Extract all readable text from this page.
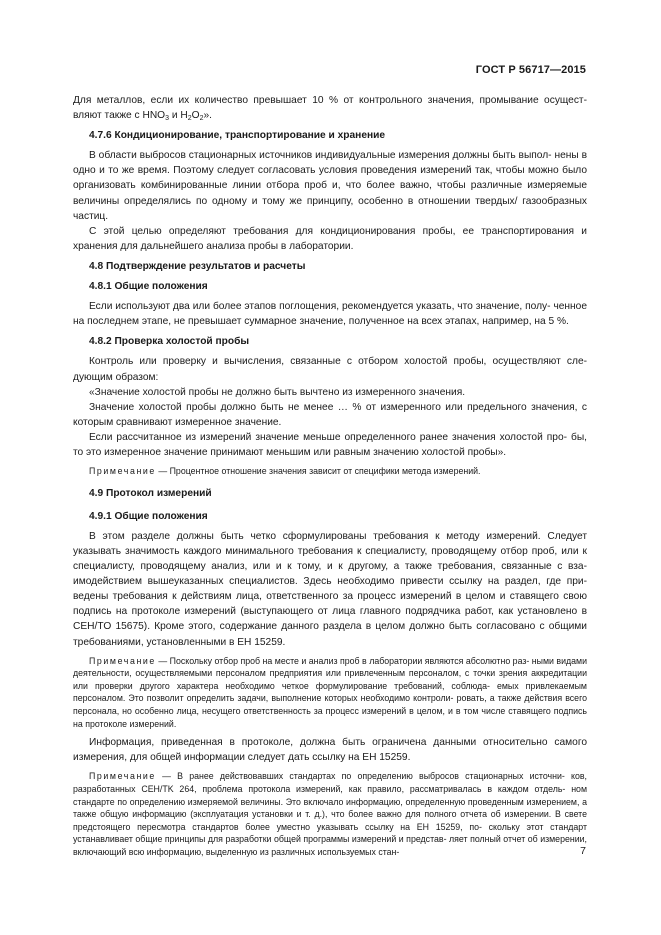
ГОСТ Р 56717—2015

Для металлов, если их количество превышает 10 % от контрольного значения, промывание осущест- вляют также с $HNO_3$ и $H_2O_2$».

4.7.6 Кондиционирование, транспортирование и хранение

В области выбросов стационарных источников индивидуальные измерения должны быть выпол- нены в одно и то же время. Поэтому следует согласовать условия проведения измерений так, чтобы можно было организовать комбинированные линии отбора проб и, что более важно, чтобы различные измеряемые величины определялись по одному и тому же принципу, особенно в отношении твердых/ газообразных частиц.

С этой целью определяют требования для кондиционирования пробы, ее транспортирования и хранения для дальнейшего анализа пробы в лаборатории.

4.8 Подтверждение результатов и расчеты

4.8.1 Общие положения

Если используют два или более этапов поглощения, рекомендуется указать, что значение, полу- ченное на последнем этапе, не превышает суммарное значение, полученное на всех этапах, например, на 5 %.

4.8.2 Проверка холостой пробы

Контроль или проверку и вычисления, связанные с отбором холостой пробы, осуществляют сле- дующим образом:

«Значение холостой пробы не должно быть вычтено из измеренного значения.

Значение холостой пробы должно быть не менее … % от измеренного или предельного значения, с которым сравнивают измеренное значение.

Если рассчитанное из измерений значение меньше определенного ранее значения холостой про- бы, то это измеренное значение принимают меньшим или равным значению холостой пробы».

Примечание — Процентное отношение значения зависит от специфики метода измерений.

4.9 Протокол измерений

4.9.1 Общие положения

В этом разделе должны быть четко сформулированы требования к методу измерений. Следует указывать значимость каждого минимального требования к специалисту, проводящему отбор проб, или к специалисту, проводящему анализ, или и к тому, и к другому, а также требования, связанные с вза- имодействием вышеуказанных специалистов. Здесь необходимо привести ссылку на раздел, где при- ведены требования к действиям лица, ответственного за процесс измерений в целом и ставящего свою подпись на протоколе измерений (выступающего от лица главного подрядчика работ, как установлено в CEH/TO 15675). Кроме этого, содержание данного раздела в целом должно быть согласовано с общими требованиями, установленными в EH 15259.

Примечание — Поскольку отбор проб на месте и анализ проб в лаборатории являются абсолютно раз- ными видами деятельности, осуществляемыми персоналом предприятия или привлеченным персоналом, с точки зрения аккредитации или проверки другого характера необходимо четкое формулирование требований, соблюда- емых привлекаемым персоналом. Это позволит определить задачи, выполнение которых необходимо контроли- ровать, а также действия всего персонала, но особенно лица, несущего ответственность за процесс измерений в целом, и в том числе ставящего подпись на протоколе измерений.

Информация, приведенная в протоколе, должна быть ограничена данными относительно самого измерения, для общей информации следует дать ссылку на EH 15259.

Примечание — В ранее действовавших стандартах по определению выбросов стационарных источни- ков, разработанных CEH/TK 264, проблема протокола измерений, как правило, рассматривалась в каждом отдель- ном стандарте по определению измеряемой величины. Это включало информацию, определенную проведенным измерением, а также общую информацию (эксплуатация установки и т. д.), что более важно для полного отчета об измерении. В свете предстоящего пересмотра стандартов более уместно указывать ссылку на EH 15259, по- скольку этот стандарт устанавливает общие принципы для разработки общей программы измерений и представ- ляет полный отчет об измерении, включающий всю информацию, выделенную из различных используемых стан-	7
